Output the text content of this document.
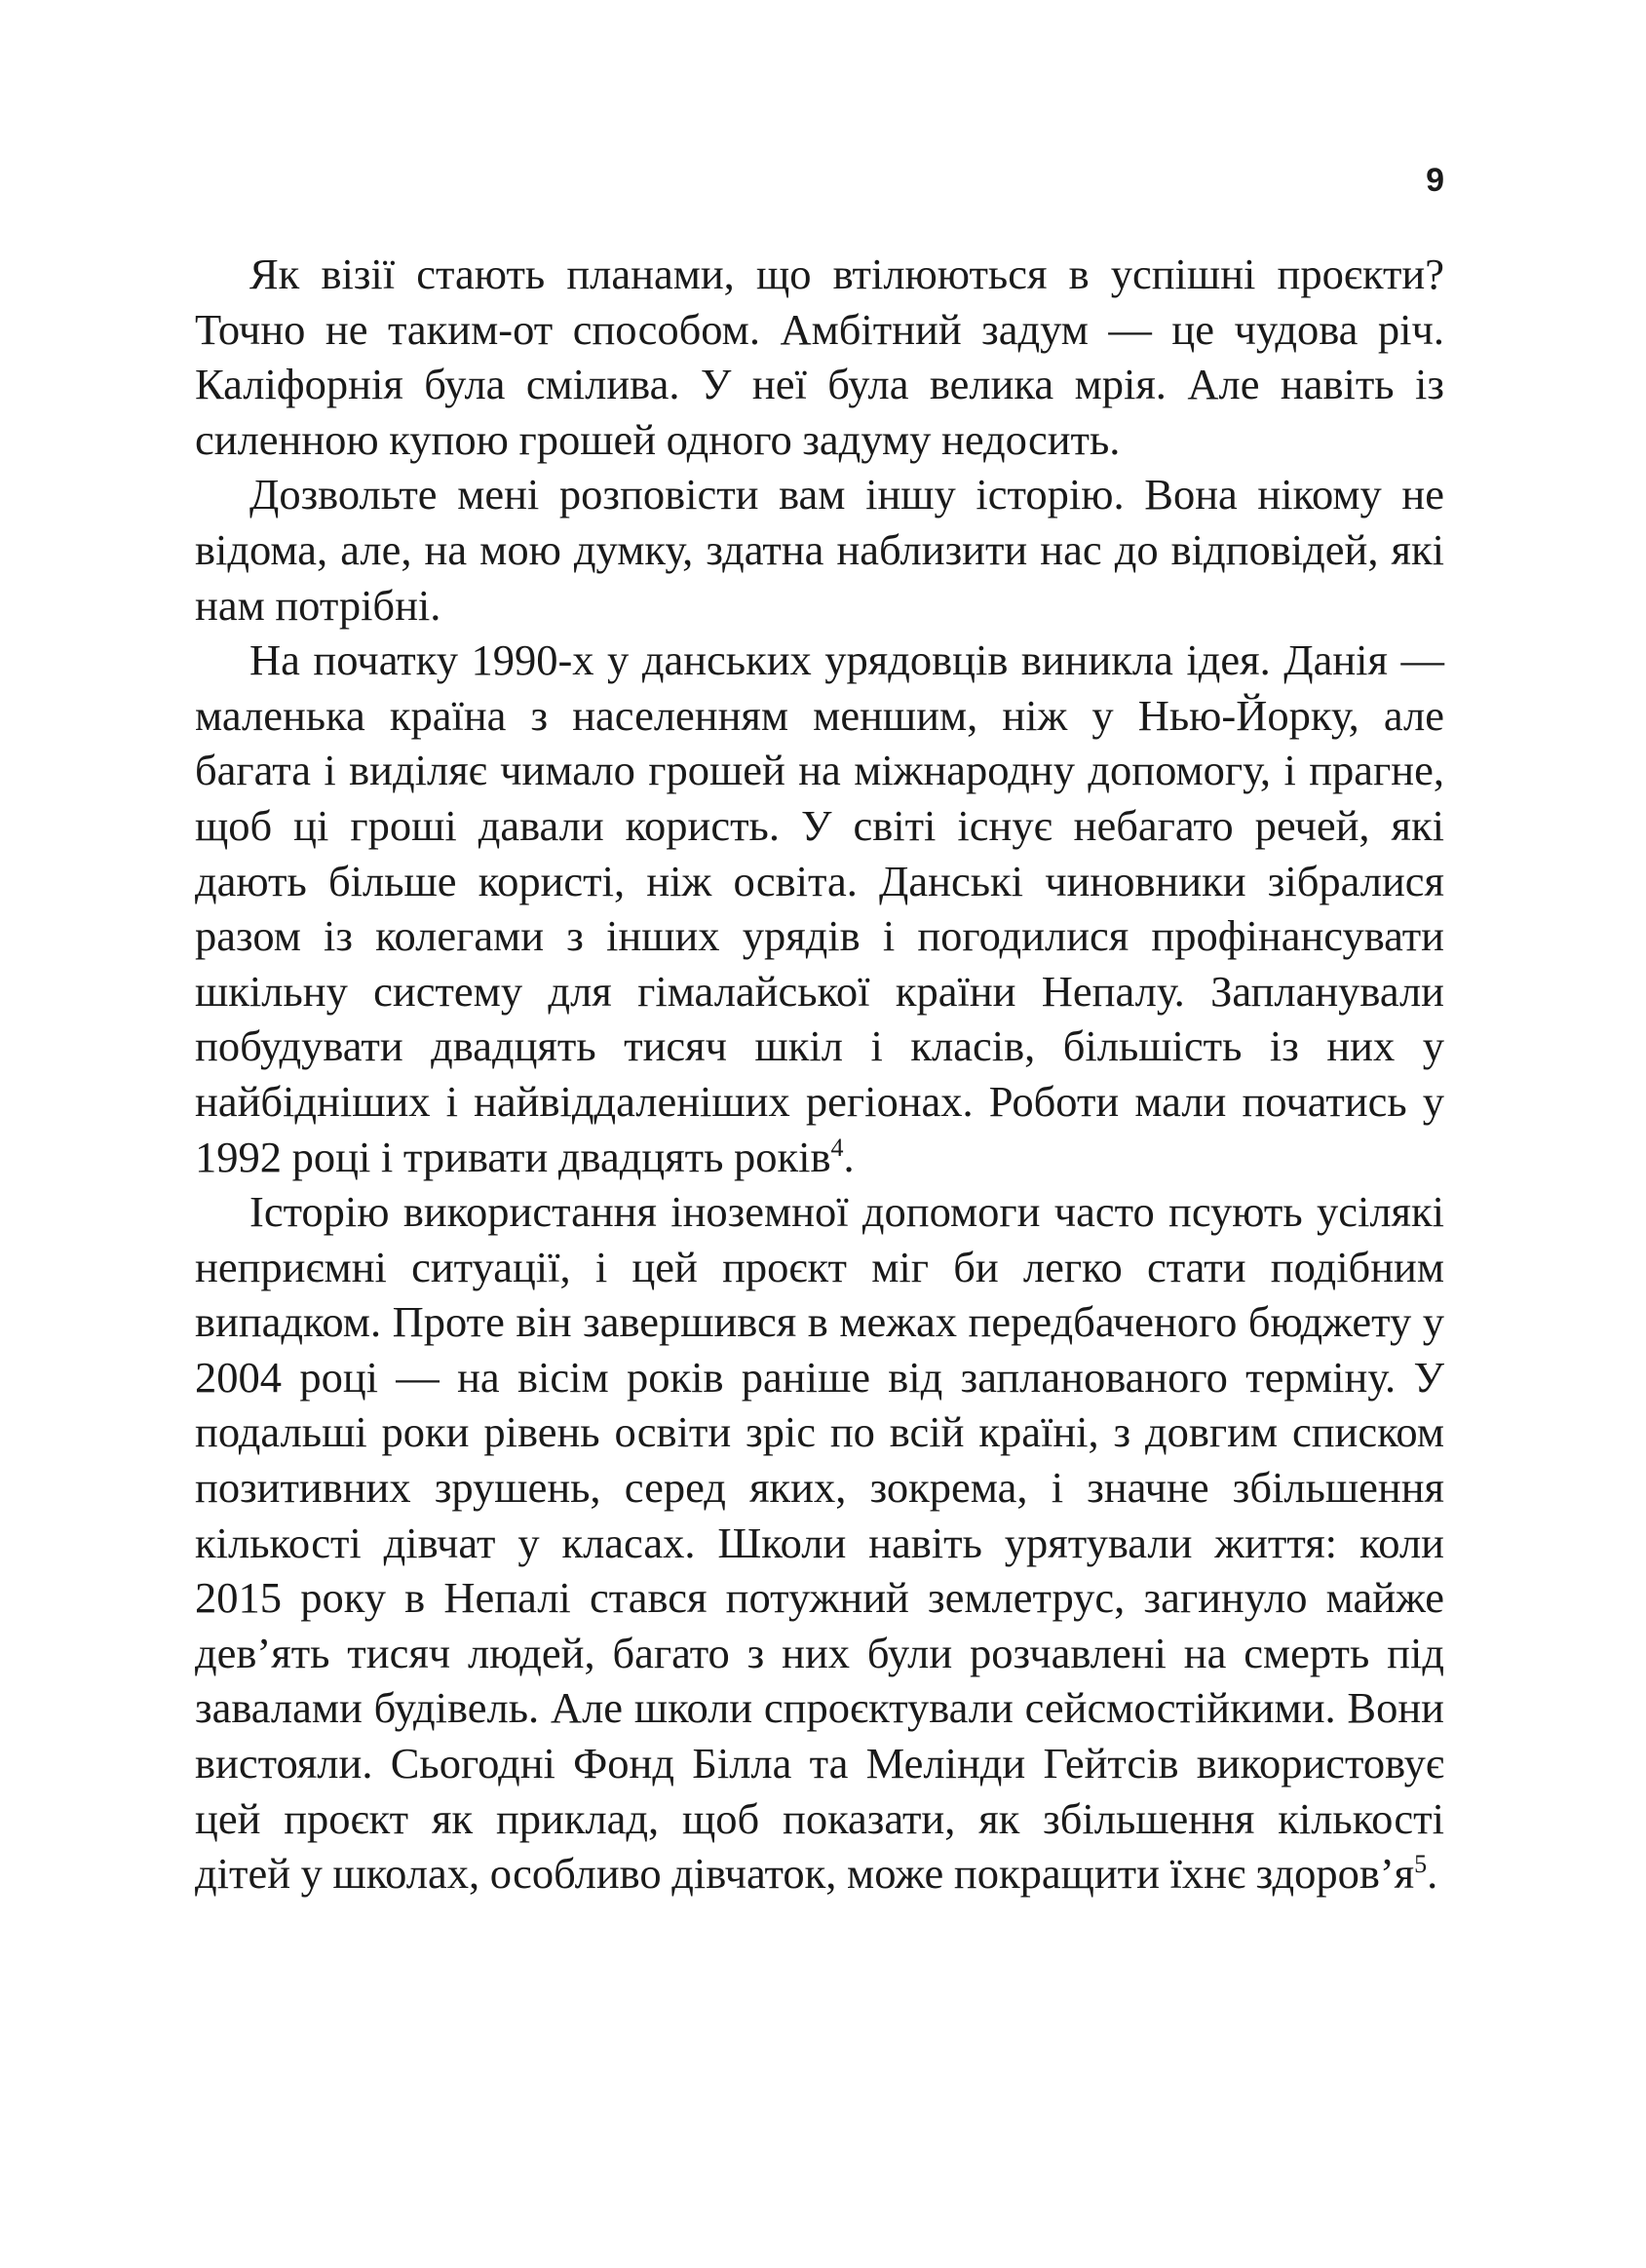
9

Як візії стають планами, що втілюються в успішні проєкти? Точно не таким-от способом. Амбітний задум — це чудова річ. Каліфорнія була смілива. У неї була велика мрія. Але навіть із силенною купою грошей одного задуму недосить.

Дозвольте мені розповісти вам іншу історію. Вона нікому не відома, але, на мою думку, здатна наблизити нас до відповідей, які нам потрібні.

На початку 1990-х у данських урядовців виникла ідея. Данія — маленька країна з населенням меншим, ніж у Нью-Йорку, але багата і виділяє чимало грошей на міжнародну допомогу, і прагне, щоб ці гроші давали користь. У світі існує небагато речей, які дають більше користі, ніж освіта. Данські чиновники зібралися разом із колегами з інших урядів і погодилися профінансувати шкільну систему для гімалайської країни Непалу. Запланували побудувати двадцять тисяч шкіл і класів, більшість із них у найбідніших і найвіддаленіших регіонах. Роботи мали початись у 1992 році і тривати двадцять років$^4$.

Історію використання іноземної допомоги часто псують усілякі неприємні ситуації, і цей проєкт міг би легко стати подібним випадком. Проте він завершився в межах передбаченого бюджету у 2004 році — на вісім років раніше від запланованого терміну. У подальші роки рівень освіти зріс по всій країні, з довгим списком позитивних зрушень, серед яких, зокрема, і значне збільшення кількості дівчат у класах. Школи навіть урятували життя: коли 2015 року в Непалі стався потужний землетрус, загинуло майже дев’ять тисяч людей, багато з них були розчавлені на смерть під завалами будівель. Але школи спроєктували сейсмостійкими. Вони вистояли. Сьогодні Фонд Білла та Мелінди Гейтсів використовує цей проєкт як приклад, щоб показати, як збільшення кількості дітей у школах, особливо дівчаток, може покращити їхнє здоров’я$^5$.
